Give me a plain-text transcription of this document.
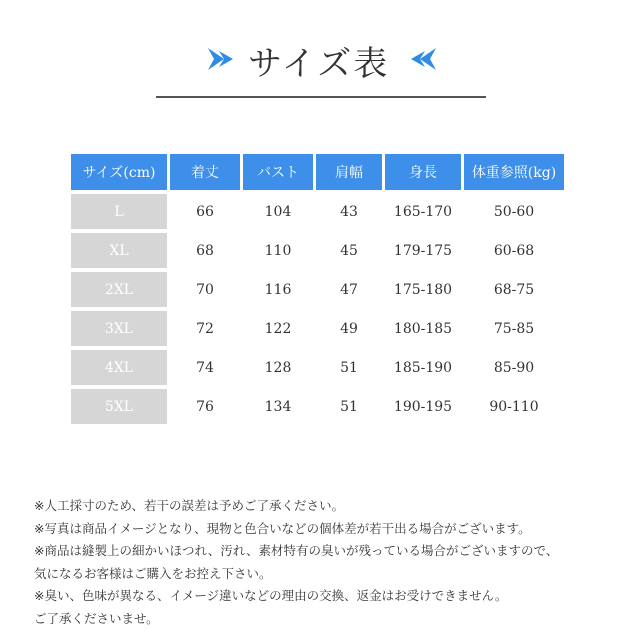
サイズ表
サイズ(cm)	着丈	バスト	肩幅	身長	体重参照(kg)
L	66	104	43	165-170	50-60
XL	68	110	45	179-175	60-68
2XL	70	116	47	175-180	68-75
3XL	72	122	49	180-185	75-85
4XL	74	128	51	185-190	85-90
5XL	76	134	51	190-195	90-110
※人工採寸のため、若干の誤差は予めご了承ください。
※写真は商品イメージとなり、現物と色合いなどの個体差が若干出る場合がございます。
※商品は縫製上の細かいほつれ、汚れ、素材特有の臭いが残っている場合がございますので、
気になるお客様はご購入をお控え下さい。
※臭い、色味が異なる、イメージ違いなどの理由の交換、返金はお受けできません。
ご了承くださいませ。
